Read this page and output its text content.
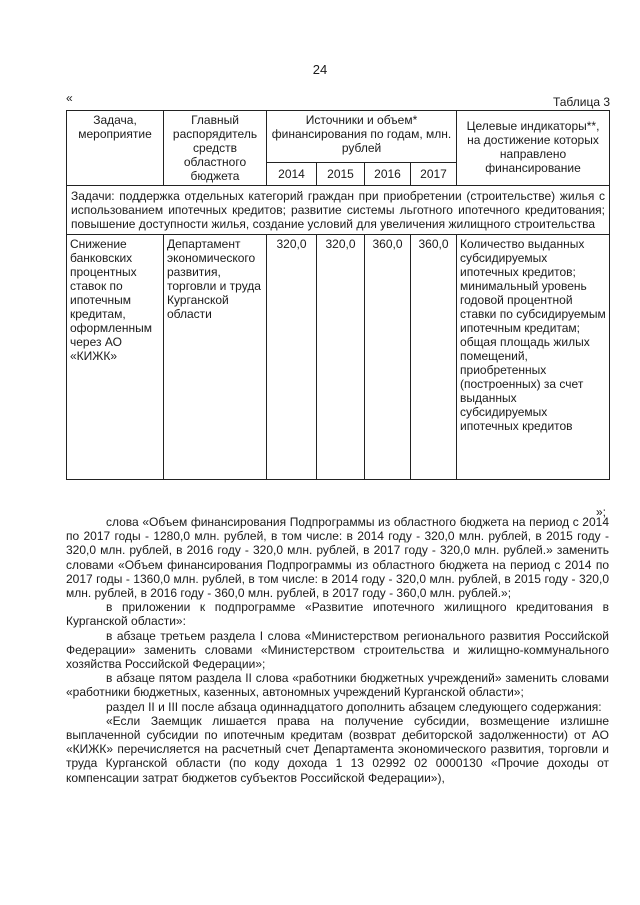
24
«	Таблица 3
Задача, мероприятие	Главный распорядитель средств областного бюджета	Источники и объем* финансирования по годам, млн. рублей				Целевые индикаторы**, на достижение которых направлено финансирование
		2014	2015	2016	2017	
Задачи: поддержка отдельных категорий граждан при приобретении (строительстве) жилья с использованием ипотечных кредитов; развитие системы льготного ипотечного кредитования; повышение доступности жилья, создание условий для увеличения жилищного строительства						
Снижение банковских процентных ставок по ипотечным кредитам, оформленным через АО «КИЖК»	Департамент экономического развития, торговли и труда Курганской области	320,0	320,0	360,0	360,0	Количество выданных субсидируемых ипотечных кредитов; минимальный уровень годовой процентной ставки по субсидируемым ипотечным кредитам; общая площадь жилых помещений, приобретенных (построенных) за счет выданных субсидируемых ипотечных кредитов
»;

слова «Объем финансирования Подпрограммы из областного бюджета на период с 2014 по 2017 годы - 1280,0 млн. рублей, в том числе: в 2014 году - 320,0 млн. рублей, в 2015 году - 320,0 млн. рублей, в 2016 году - 320,0 млн. рублей, в 2017 году - 320,0 млн. рублей.» заменить словами «Объем финансирования Подпрограммы из областного бюджета на период с 2014 по 2017 годы - 1360,0 млн. рублей, в том числе: в 2014 году - 320,0 млн. рублей, в 2015 году - 320,0 млн. рублей, в 2016 году - 360,0 млн. рублей, в 2017 году - 360,0 млн. рублей.»;

в приложении к подпрограмме «Развитие ипотечного жилищного кредитования в Курганской области»:

в абзаце третьем раздела I слова «Министерством регионального развития Российской Федерации» заменить словами «Министерством строительства и жилищно-коммунального хозяйства Российской Федерации»;

в абзаце пятом раздела II слова «работники бюджетных учреждений» заменить словами «работники бюджетных, казенных, автономных учреждений Курганской области»;

раздел II и III после абзаца одиннадцатого дополнить абзацем следующего содержания:

«Если Заемщик лишается права на получение субсидии, возмещение излишне выплаченной субсидии по ипотечным кредитам (возврат дебиторской задолженности) от АО «КИЖК» перечисляется на расчетный счет Департамента экономического развития, торговли и труда Курганской области (по коду дохода 1 13 02992 02 0000130 «Прочие доходы от компенсации затрат бюджетов субъектов Российской Федерации»),
